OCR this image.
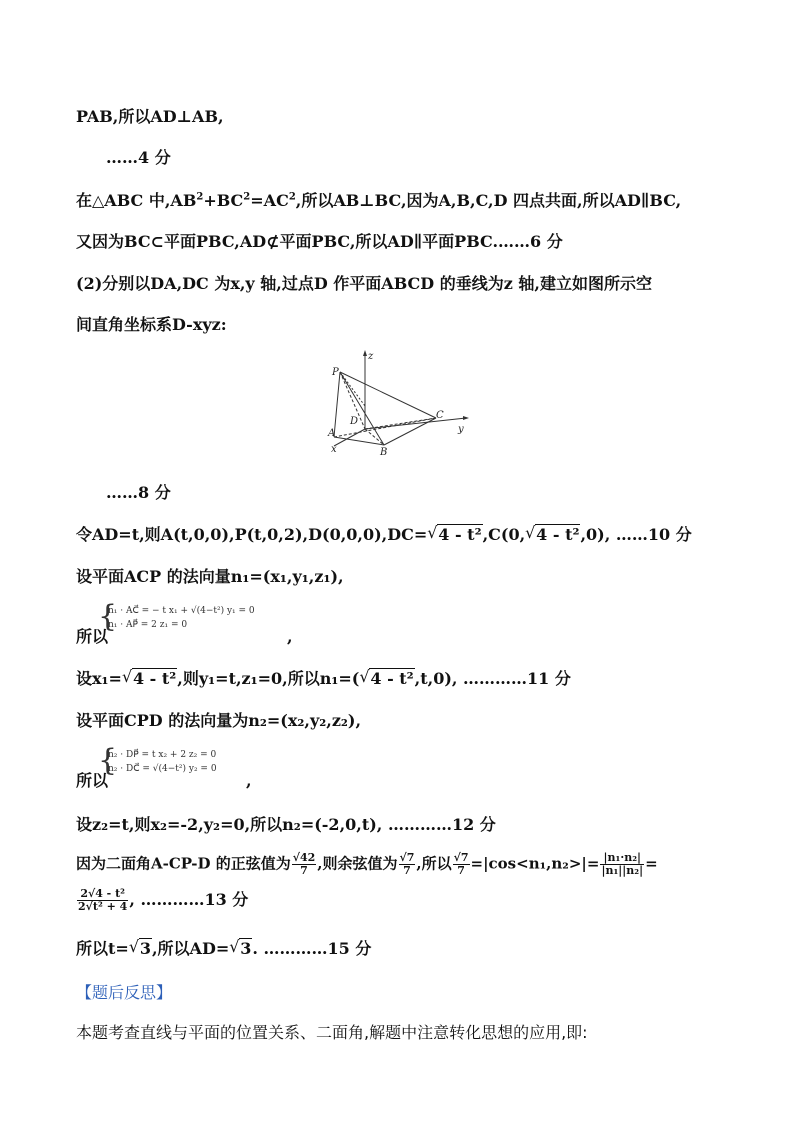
PAB,所以AD⊥AB,
……4 分
在△ABC 中$,AB^2+BC^2=AC^2$,所以AB⊥BC,因为A,B,C,D 四点共面,所以AD∥BC,
又因为BC⊂平面PBC,AD⊄平面PBC,所以AD∥平面PBC.……6 分
(2)分别以DA,DC 为x,y 轴,过点D 作平面ABCD 的垂线为z 轴,建立如图所示空
间直角坐标系D-xyz:
z
P
D
C
y
A
x	B
……8 分
令AD=t,则A(t,0,0),P(t,0,2),D(0,0,0),DC= √ 4 - t²,C(0, √ 4 - t²,0), ……10 分
设平面ACP 的法向量n₁=(x₁,y₁,z₁),
{
n₁ · AC⃗ = − t x₁ + √(4−t²) y₁ = 0
n₁ · AP⃗ = 2 z₁ = 0
所以	,
设x₁= √ 4 - t²,则y₁=t,z₁=0,所以n₁=( √ 4 - t²,t,0), …………11 分
设平面CPD 的法向量为n₂=(x₂,y₂,z₂),
{
n₂ · DP⃗ = t x₂ + 2 z₂ = 0
n₂ · DC⃗ = √(4−t²) y₂ = 0
所以	,
设z₂=t,则x₂=-2,y₂=0,所以n₂=(-2,0,t), …………12 分
因为二面角A-CP-D 的正弦值为 $\frac{√42}{7}$ ,则余弦值为 $\frac{√7}{7}$ ,所以 $\frac{√7}{7} =|\cos<n_1,n_2>|= \frac{\text{|n₁·n₂|}}{\text{|n₁||n₂|}}$ =
$\frac{\text{2√4 - t²}}{\text{2√t² + 4}}$ , …………13 分
所以t= √ 3,所以AD= √ 3. …………15 分
【题后反思】
本题考查直线与平面的位置关系、二面角,解题中注意转化思想的应用,即:
